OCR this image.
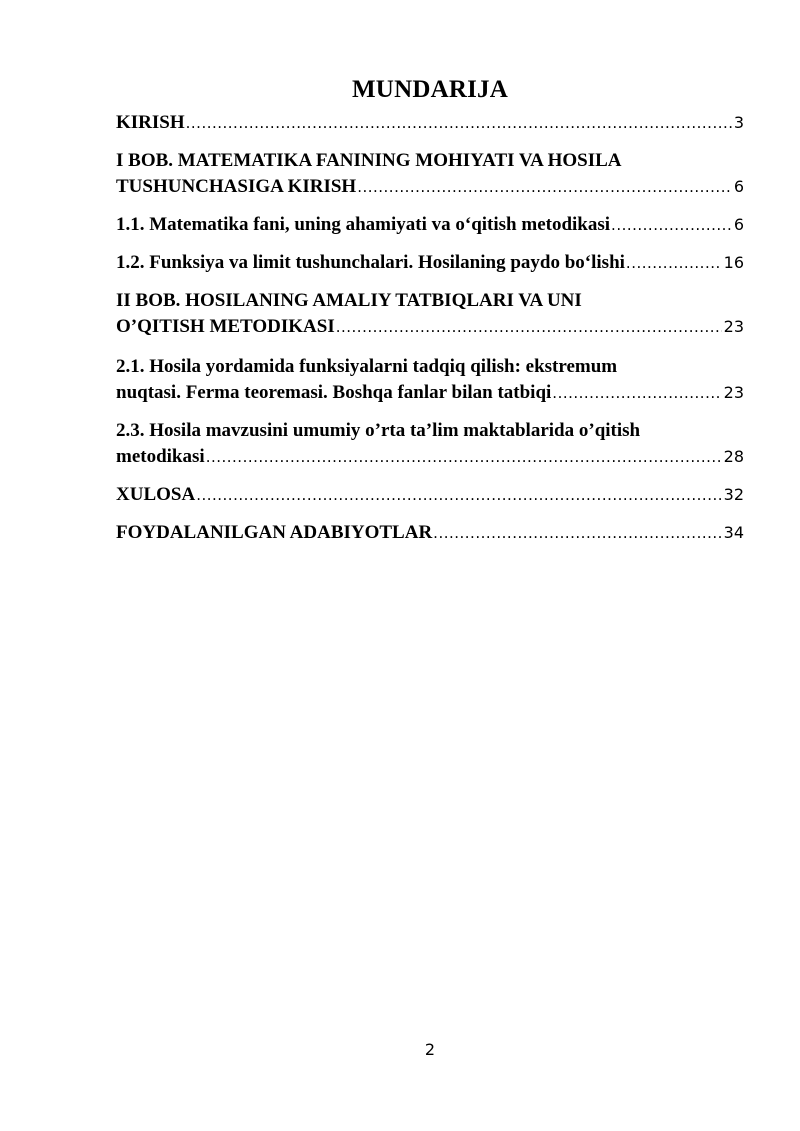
MUNDARIJA
KIRISH .....	3
I BOB. MATEMATIKA FANINING MOHIYATI VA HOSILA
TUSHUNCHASIGA KIRISH .....	6
1.1. Matematika fani, uning ahamiyati va o‘qitish metodikasi .....	6
1.2. Funksiya va limit tushunchalari. Hosilaning paydo bo‘lishi .....	16
II BOB. HOSILANING AMALIY TATBIQLARI VA UNI
O’QITISH METODIKASI .....	23
2.1. Hosila yordamida funksiyalarni tadqiq qilish: ekstremum
nuqtasi. Ferma teoremasi. Boshqa fanlar bilan tatbiqi .....	23
2.3. Hosila mavzusini umumiy o’rta ta’lim maktablarida o’qitish
metodikasi .....	28
XULOSA .....	32
FOYDALANILGAN ADABIYOTLAR .....	34
2
